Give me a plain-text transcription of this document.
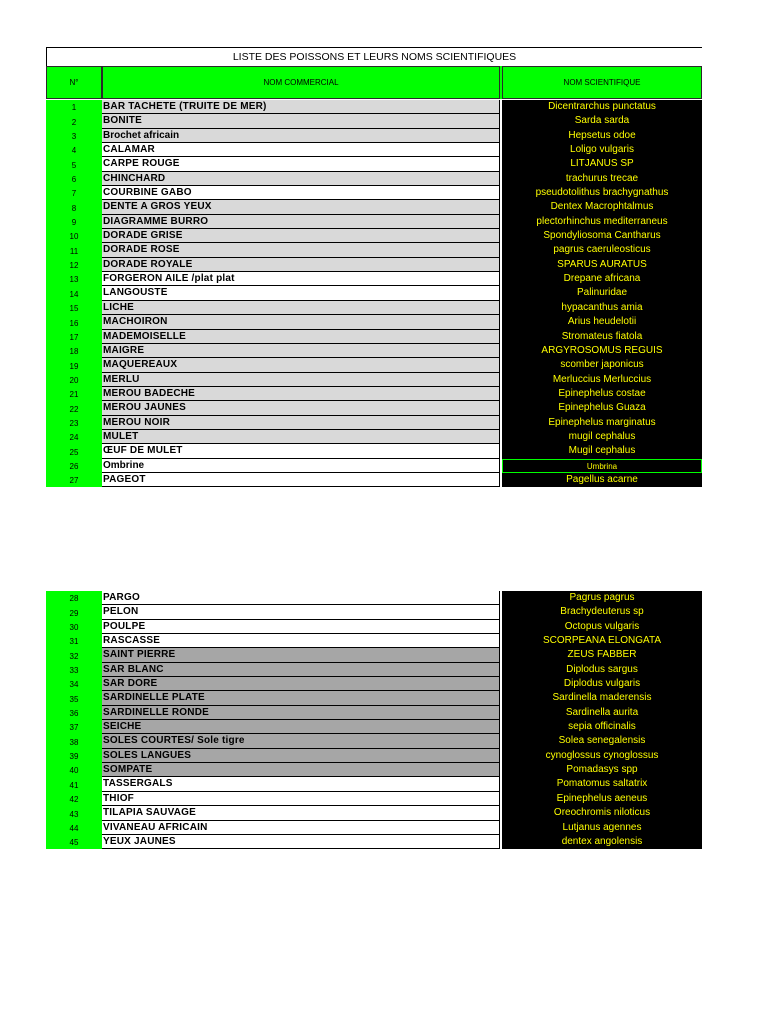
LISTE DES POISSONS ET LEURS NOMS SCIENTIFIQUES
N°	NOM COMMERCIAL	NOM SCIENTIFIQUE
1	BAR TACHETE (TRUITE DE MER)	Dicentrarchus punctatus
2	BONITE	Sarda sarda
3	Brochet africain	Hepsetus odoe
4	CALAMAR	Loligo vulgaris
5	CARPE ROUGE	LITJANUS SP
6	CHINCHARD	trachurus trecae
7	COURBINE GABO	pseudotolithus brachygnathus
8	DENTE A GROS YEUX	Dentex Macrophtalmus
9	DIAGRAMME BURRO	plectorhinchus mediterraneus
10	DORADE GRISE	Spondyliosoma Cantharus
11	DORADE ROSE	pagrus caeruleosticus
12	DORADE ROYALE	SPARUS AURATUS
13	FORGERON AILE /plat plat	Drepane africana
14	LANGOUSTE	Palinuridae
15	LICHE	hypacanthus amia
16	MACHOIRON	Arius heudelotii
17	MADEMOISELLE	Stromateus fiatola
18	MAIGRE	ARGYROSOMUS REGUIS
19	MAQUEREAUX	scomber japonicus
20	MERLU	Merluccius Merluccius
21	MEROU BADECHE	Epinephelus costae
22	MEROU JAUNES	Epinephelus Guaza
23	MEROU NOIR	Epinephelus marginatus
24	MULET	mugil cephalus
25	ŒUF DE MULET	Mugil cephalus
26	Ombrine	Umbrina
27	PAGEOT	Pagellus acarne
28	PARGO	Pagrus pagrus
29	PELON	Brachydeuterus sp
30	POULPE	Octopus vulgaris
31	RASCASSE	SCORPEANA ELONGATA
32	SAINT PIERRE	ZEUS FABBER
33	SAR BLANC	Diplodus sargus
34	SAR DORE	Diplodus vulgaris
35	SARDINELLE PLATE	Sardinella maderensis
36	SARDINELLE RONDE	Sardinella aurita
37	SEICHE	sepia officinalis
38	SOLES COURTES/ Sole tigre	Solea senegalensis
39	SOLES LANGUES	cynoglossus cynoglossus
40	SOMPATE	Pomadasys spp
41	TASSERGALS	Pomatomus saltatrix
42	THIOF	Epinephelus aeneus
43	TILAPIA SAUVAGE	Oreochromis niloticus
44	VIVANEAU AFRICAIN	Lutjanus agennes
45	YEUX JAUNES	dentex angolensis
